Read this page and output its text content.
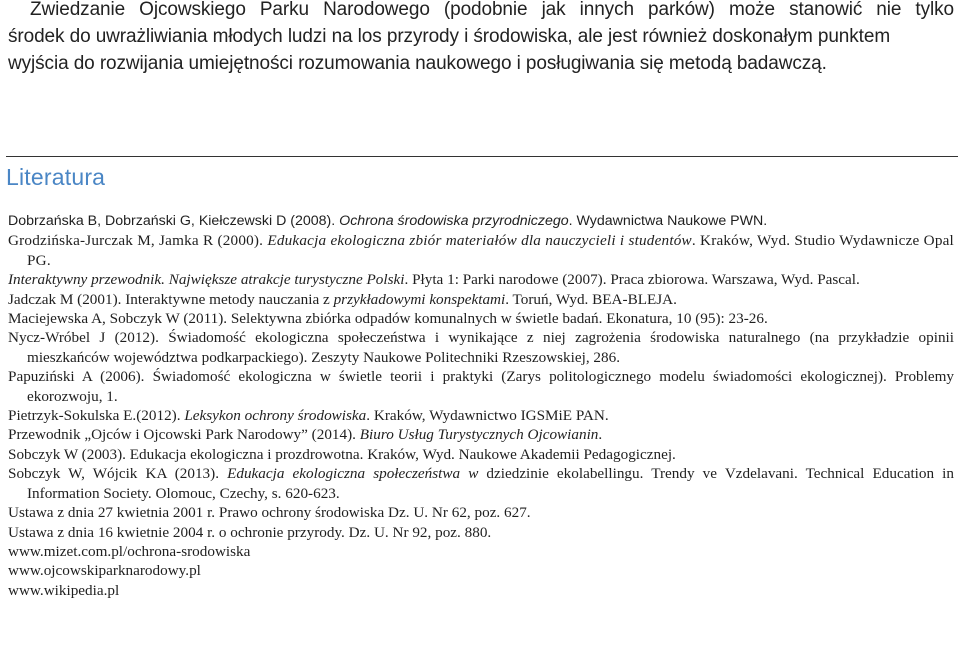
Zwiedzanie Ojcowskiego Parku Narodowego (podobnie jak innych parków) może stanowić nie tylko
środek do uwrażliwiania młodych ludzi na los przyrody i środowiska, ale jest również doskonałym punktem
wyjścia do rozwijania umiejętności rozumowania naukowego i posługiwania się metodą badawczą.
Literatura
Dobrzańska B, Dobrzański G, Kiełczewski D (2008). Ochrona środowiska przyrodniczego. Wydawnictwa Naukowe PWN.
Grodzińska-Jurczak M, Jamka R (2000). Edukacja ekologiczna zbiór materiałów dla nauczycieli i studentów. Kraków, Wyd. Studio Wydawnicze Opal PG.
Interaktywny przewodnik. Największe atrakcje turystyczne Polski. Płyta 1: Parki narodowe (2007). Praca zbiorowa. Warszawa, Wyd. Pascal.
Jadczak M (2001). Interaktywne metody nauczania z przykładowymi konspektami. Toruń, Wyd. BEA-BLEJA.
Maciejewska A, Sobczyk W (2011). Selektywna zbiórka odpadów komunalnych w świetle badań. Ekonatura, 10 (95): 23-26.
Nycz-Wróbel J (2012). Świadomość ekologiczna społeczeństwa i wynikające z niej zagrożenia środowiska naturalnego (na przykładzie opinii mieszkańców województwa podkarpackiego). Zeszyty Naukowe Politechniki Rzeszowskiej, 286.
Papuziński A (2006). Świadomość ekologiczna w świetle teorii i praktyki (Zarys politologicznego modelu świadomości ekologicznej). Problemy ekorozwoju, 1.
Pietrzyk-Sokulska E.(2012). Leksykon ochrony środowiska. Kraków, Wydawnictwo IGSMiE PAN.
Przewodnik „Ojców i Ojcowski Park Narodowy” (2014). Biuro Usług Turystycznych Ojcowianin.
Sobczyk W (2003). Edukacja ekologiczna i prozdrowotna. Kraków, Wyd. Naukowe Akademii Pedagogicznej.
Sobczyk W, Wójcik KA (2013). Edukacja ekologiczna społeczeństwa w dziedzinie ekolabellingu. Trendy ve Vzdelavani. Technical Education in Information Society. Olomouc, Czechy, s. 620-623.
Ustawa z dnia 27 kwietnia 2001 r. Prawo ochrony środowiska Dz. U. Nr 62, poz. 627.
Ustawa z dnia 16 kwietnie 2004 r. o ochronie przyrody. Dz. U. Nr 92, poz. 880.
www.mizet.com.pl/ochrona-srodowiska
www.ojcowskiparknarodowy.pl
www.wikipedia.pl
